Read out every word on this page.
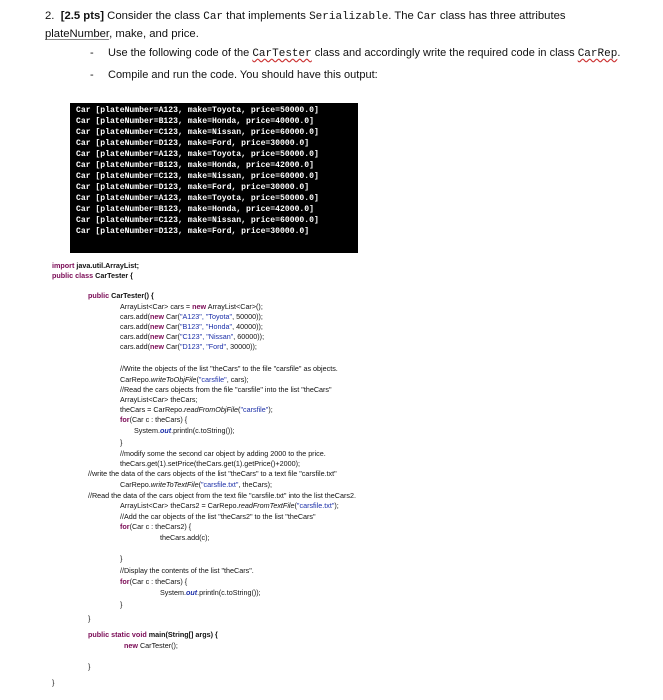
2. [2.5 pts] Consider the class Car that implements Serializable. The Car class has three attributes
plateNumber, make, and price.
- Use the following code of the CarTester class and accordingly write the required code in class CarRep.
- Compile and run the code. You should have this output:
Car [plateNumber=A123, make=Toyota, price=50000.0]
Car [plateNumber=B123, make=Honda, price=40000.0]
Car [plateNumber=C123, make=Nissan, price=60000.0]
Car [plateNumber=D123, make=Ford, price=30000.0]
Car [plateNumber=A123, make=Toyota, price=50000.0]
Car [plateNumber=B123, make=Honda, price=42000.0]
Car [plateNumber=C123, make=Nissan, price=60000.0]
Car [plateNumber=D123, make=Ford, price=30000.0]
Car [plateNumber=A123, make=Toyota, price=50000.0]
Car [plateNumber=B123, make=Honda, price=42000.0]
Car [plateNumber=C123, make=Nissan, price=60000.0]
Car [plateNumber=D123, make=Ford, price=30000.0]
import java.util.ArrayList;
public class CarTester {
public CarTester() {
ArrayList<Car> cars = new ArrayList<Car>();
cars.add(new Car("A123", "Toyota", 50000));
cars.add(new Car("B123", "Honda", 40000));
cars.add(new Car("C123", "Nissan", 60000));
cars.add(new Car("D123", "Ford", 30000));
//Write the objects of the list "theCars" to the file "carsfile" as objects.
CarRepo.writeToObjFile("carsfile", cars);
//Read the cars objects from the file "carsfile" into the list "theCars"
ArrayList<Car> theCars;
theCars = CarRepo.readFromObjFile("carsfile");
for(Car c : theCars) {
System.out.println(c.toString());
}
//modify some the second car object by adding 2000 to the price.
theCars.get(1).setPrice(theCars.get(1).getPrice()+2000);
//write the data of the cars objects of the list "theCars" to a text file "carsfile.txt"
CarRepo.writeToTextFile("carsfile.txt", theCars);
//Read the data of the cars object from the text file "carsfile.txt" into the list theCars2.
ArrayList<Car> theCars2 = CarRepo.readFromTextFile("carsfile.txt");
//Add the car objects of the list "theCars2" to the list "theCars"
for(Car c : theCars2) {
theCars.add(c);
}
//Display the contents of the list "theCars".
for(Car c : theCars) {
System.out.println(c.toString());
}
}
public static void main(String[] args) {
new CarTester();
}
}
